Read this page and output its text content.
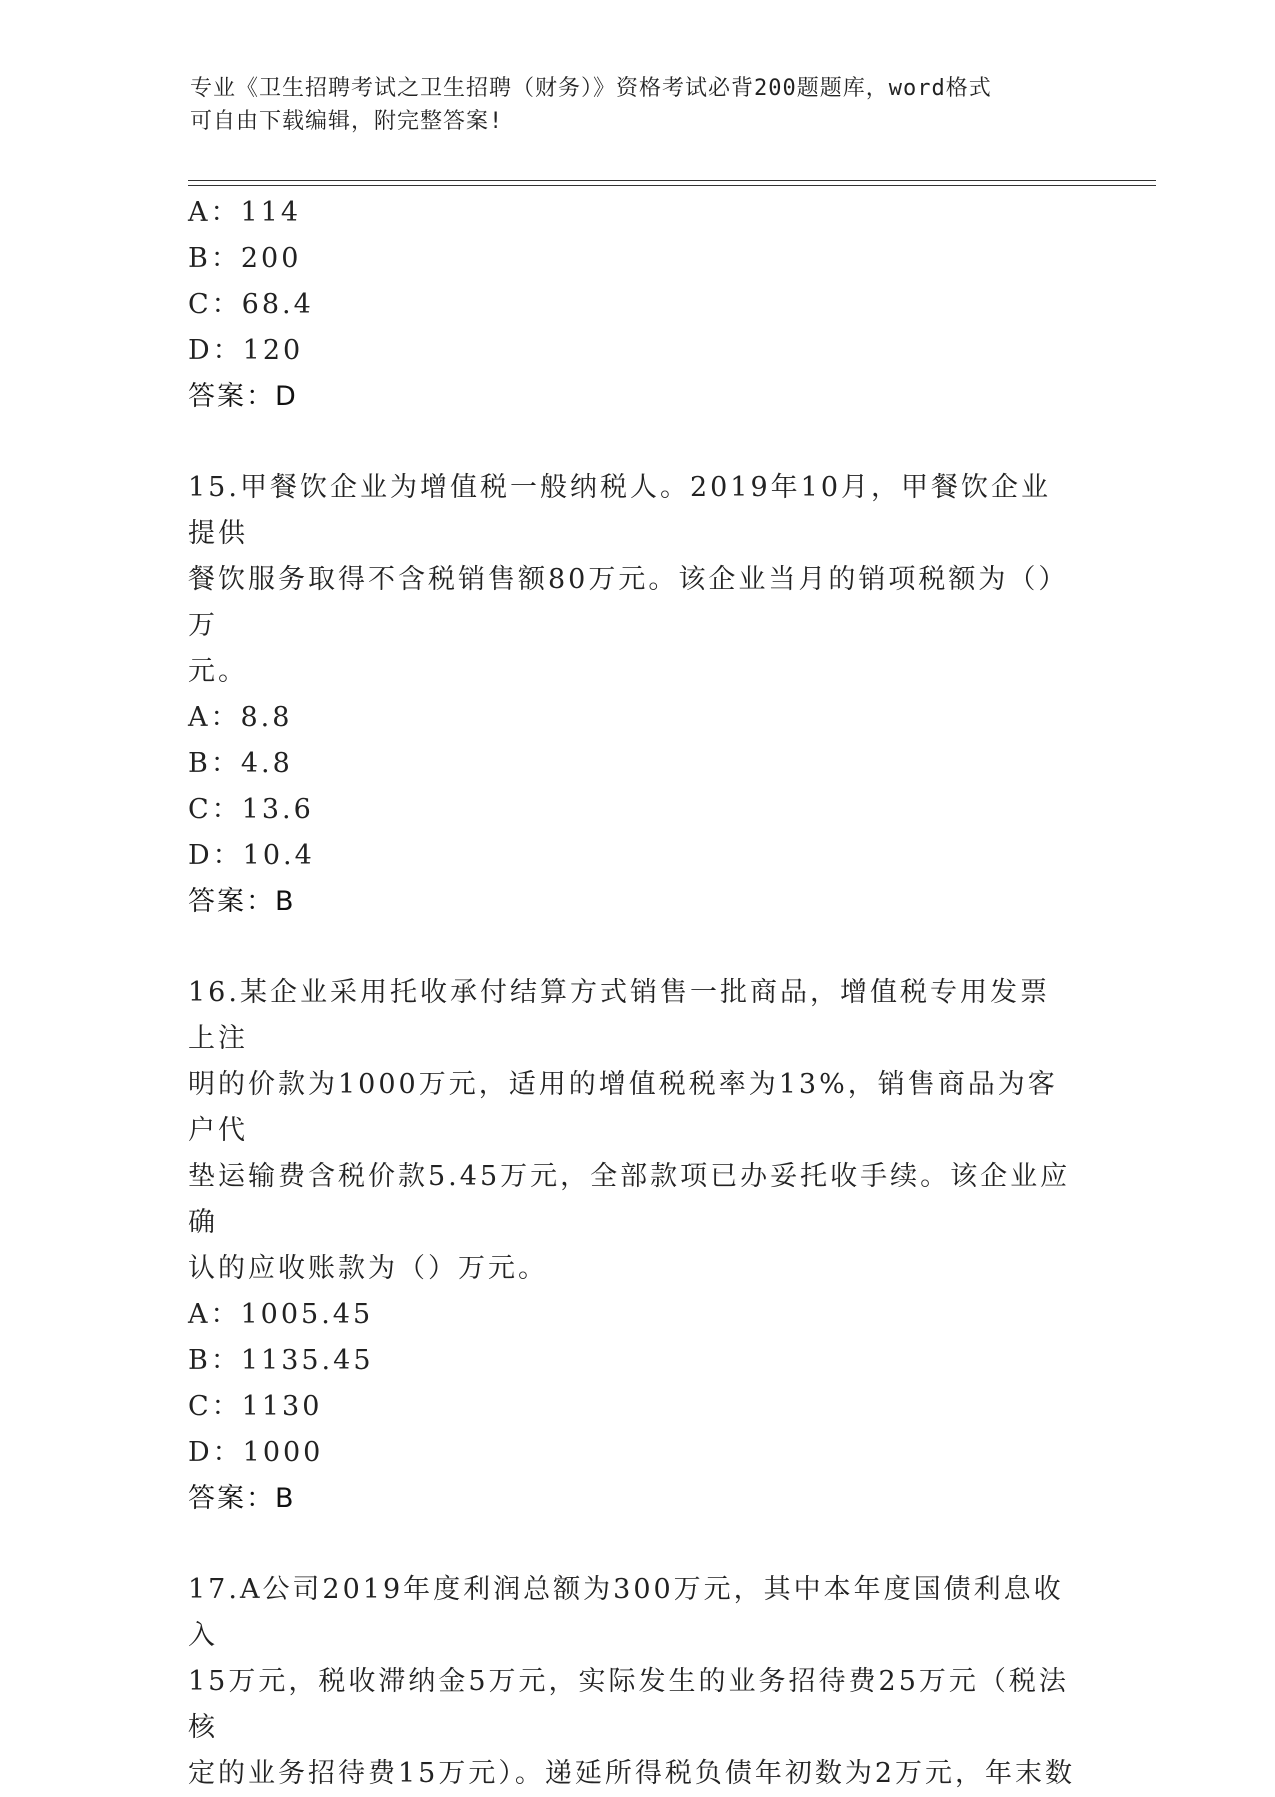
专业《卫生招聘考试之卫生招聘（财务）》资格考试必背200题题库，word格式
可自由下载编辑，附完整答案!
A：114
B：200
C：68.4
D：120
答案：D
15.甲餐饮企业为增值税一般纳税人。2019年10月，甲餐饮企业提供
餐饮服务取得不含税销售额80万元。该企业当月的销项税额为（）万
元。
A：8.8
B：4.8
C：13.6
D：10.4
答案：B
16.某企业采用托收承付结算方式销售一批商品，增值税专用发票上注
明的价款为1000万元，适用的增值税税率为13%，销售商品为客户代
垫运输费含税价款5.45万元，全部款项已办妥托收手续。该企业应确
认的应收账款为（）万元。
A：1005.45
B：1135.45
C：1130
D：1000
答案：B
17.A公司2019年度利润总额为300万元，其中本年度国债利息收入
15万元，税收滞纳金5万元，实际发生的业务招待费25万元（税法核
定的业务招待费15万元）。递延所得税负债年初数为2万元，年末数
